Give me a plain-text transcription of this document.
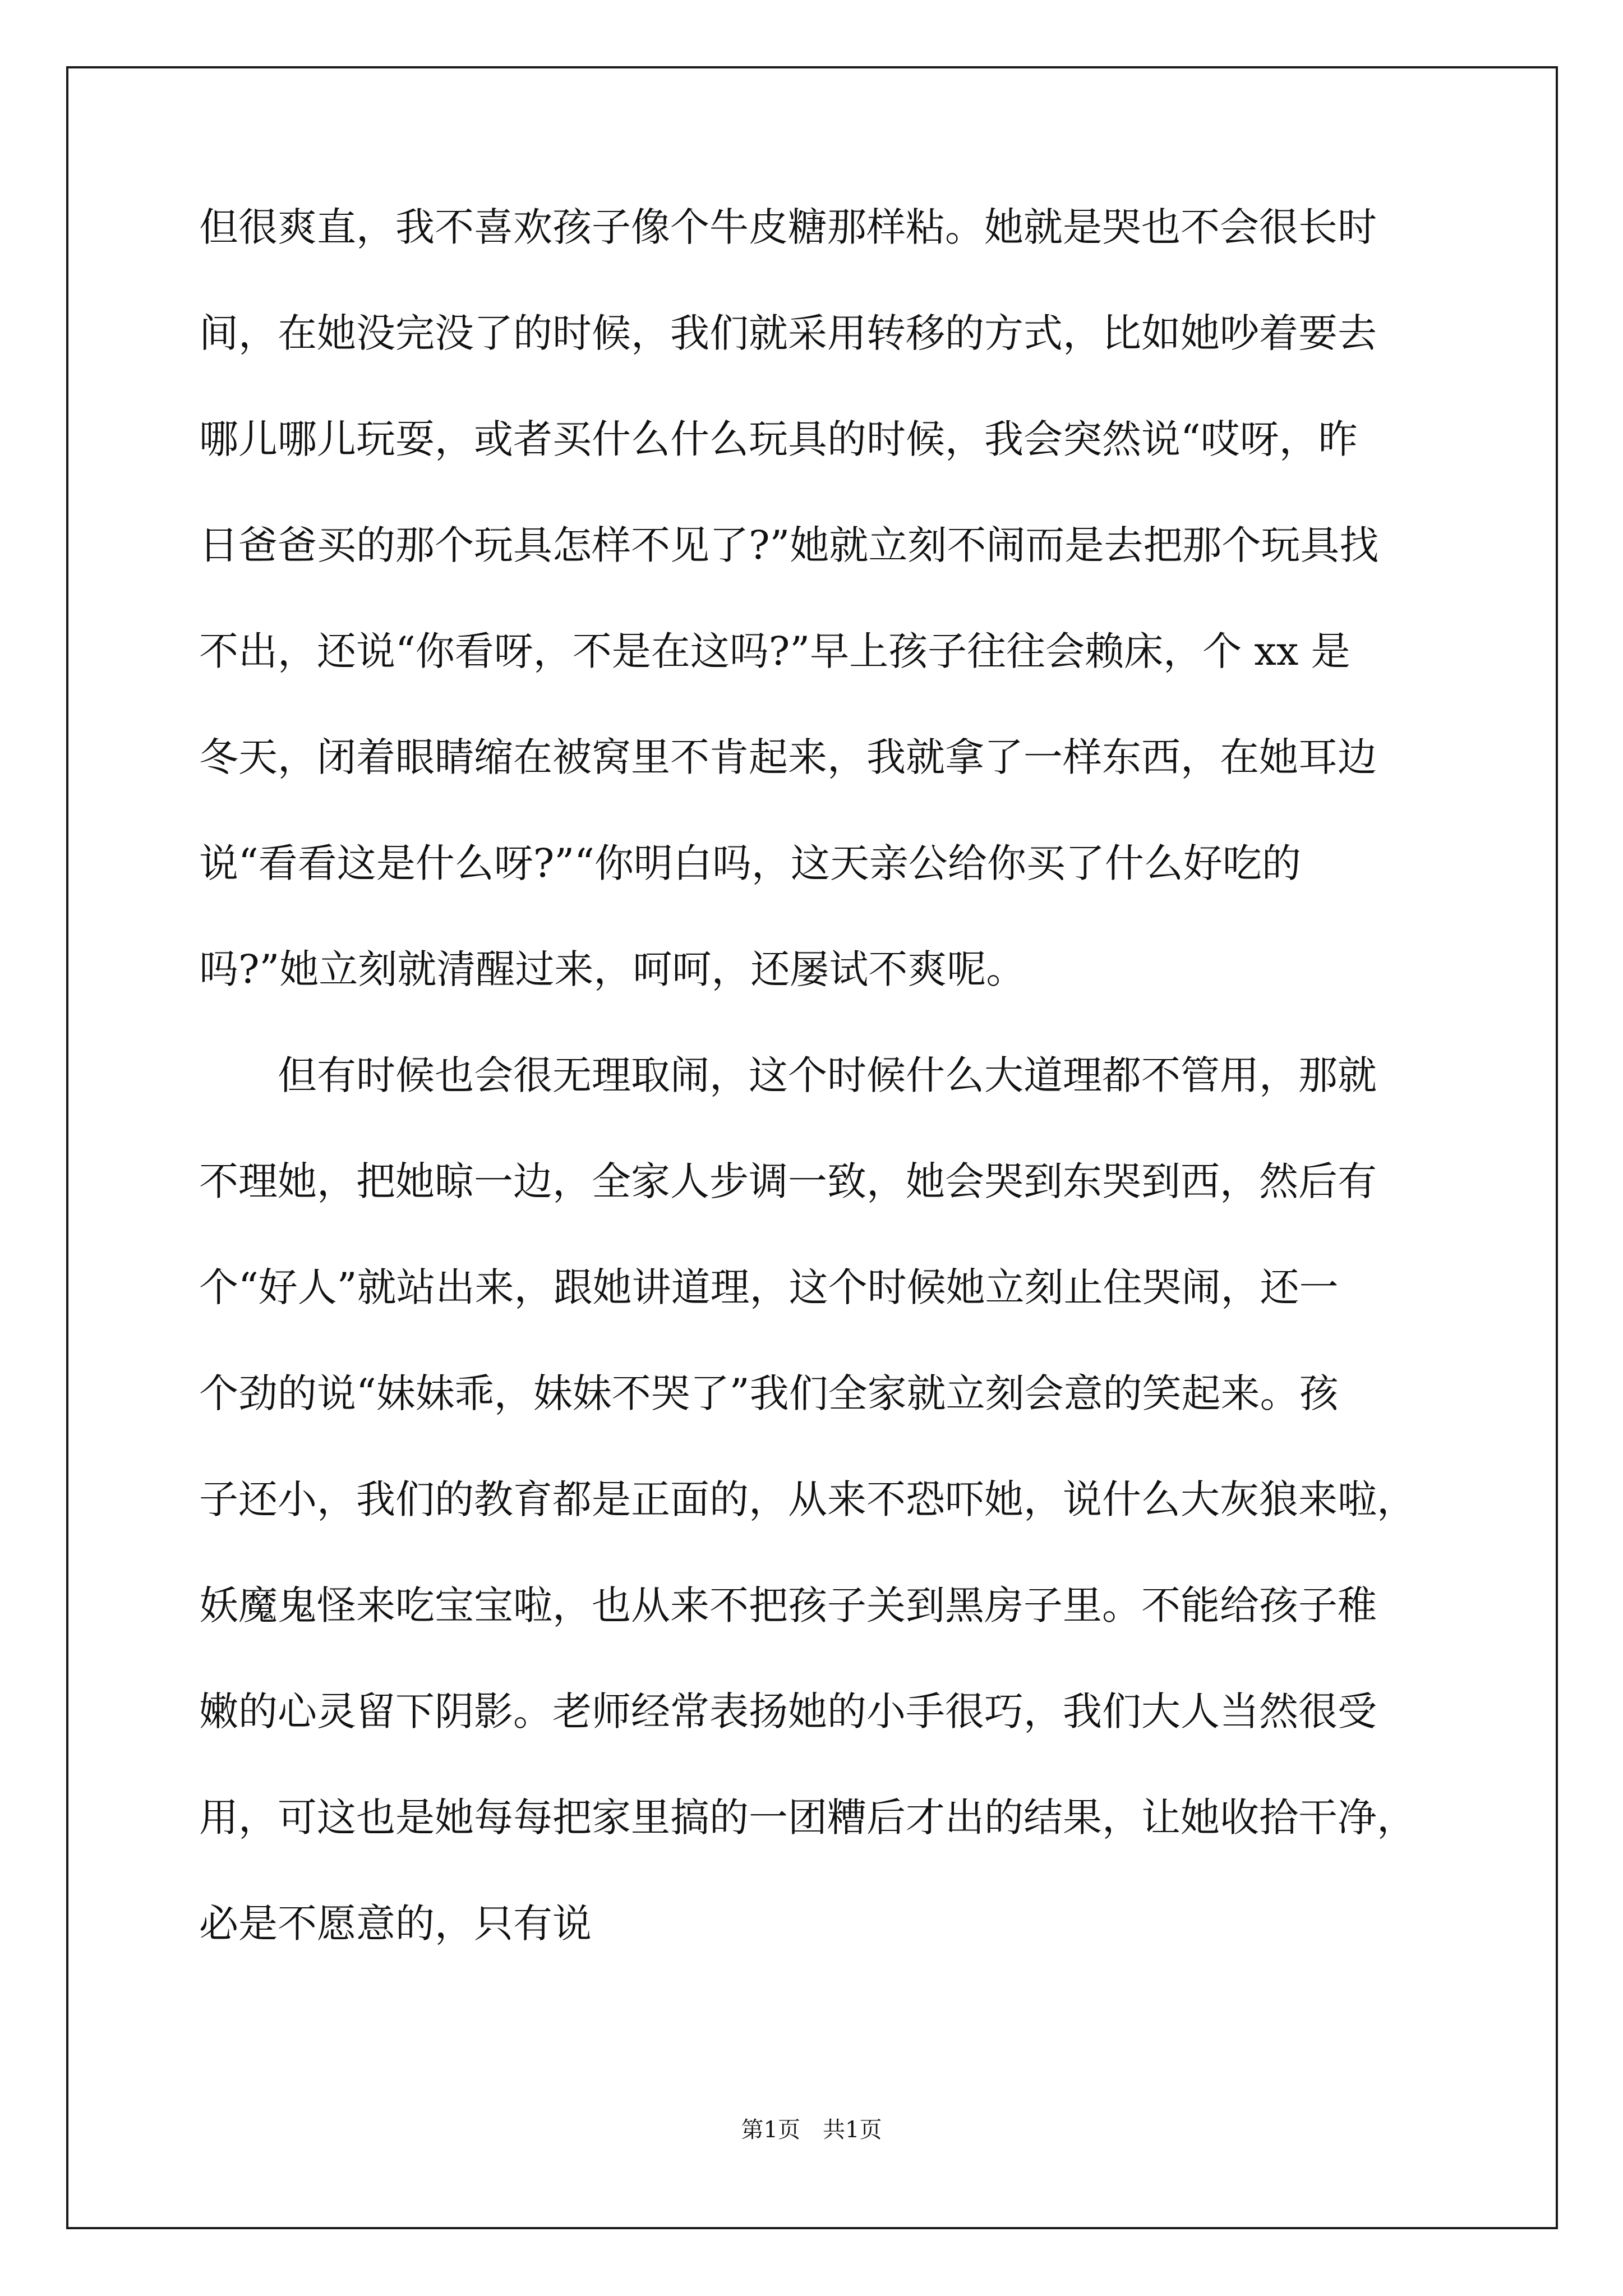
但很爽直，我不喜欢孩子像个牛皮糖那样粘。她就是哭也不会很长时
间，在她没完没了的时候，我们就采用转移的方式，比如她吵着要去
哪儿哪儿玩耍，或者买什么什么玩具的时候，我会突然说“哎呀，昨
日爸爸买的那个玩具怎样不见了?”她就立刻不闹而是去把那个玩具找
不出，还说“你看呀，不是在这吗?”早上孩子往往会赖床，个 xx 是
冬天，闭着眼睛缩在被窝里不肯起来，我就拿了一样东西，在她耳边
说“看看这是什么呀?”“你明白吗，这天亲公给你买了什么好吃的
吗?”她立刻就清醒过来，呵呵，还屡试不爽呢。
但有时候也会很无理取闹，这个时候什么大道理都不管用，那就
不理她，把她晾一边，全家人步调一致，她会哭到东哭到西，然后有
个“好人”就站出来，跟她讲道理，这个时候她立刻止住哭闹，还一
个劲的说“妹妹乖，妹妹不哭了”我们全家就立刻会意的笑起来。孩
子还小，我们的教育都是正面的，从来不恐吓她，说什么大灰狼来啦，
妖魔鬼怪来吃宝宝啦，也从来不把孩子关到黑房子里。不能给孩子稚
嫩的心灵留下阴影。老师经常表扬她的小手很巧，我们大人当然很受
用，可这也是她每每把家里搞的一团糟后才出的结果，让她收拾干净，
必是不愿意的，只有说
第1页　共1页
